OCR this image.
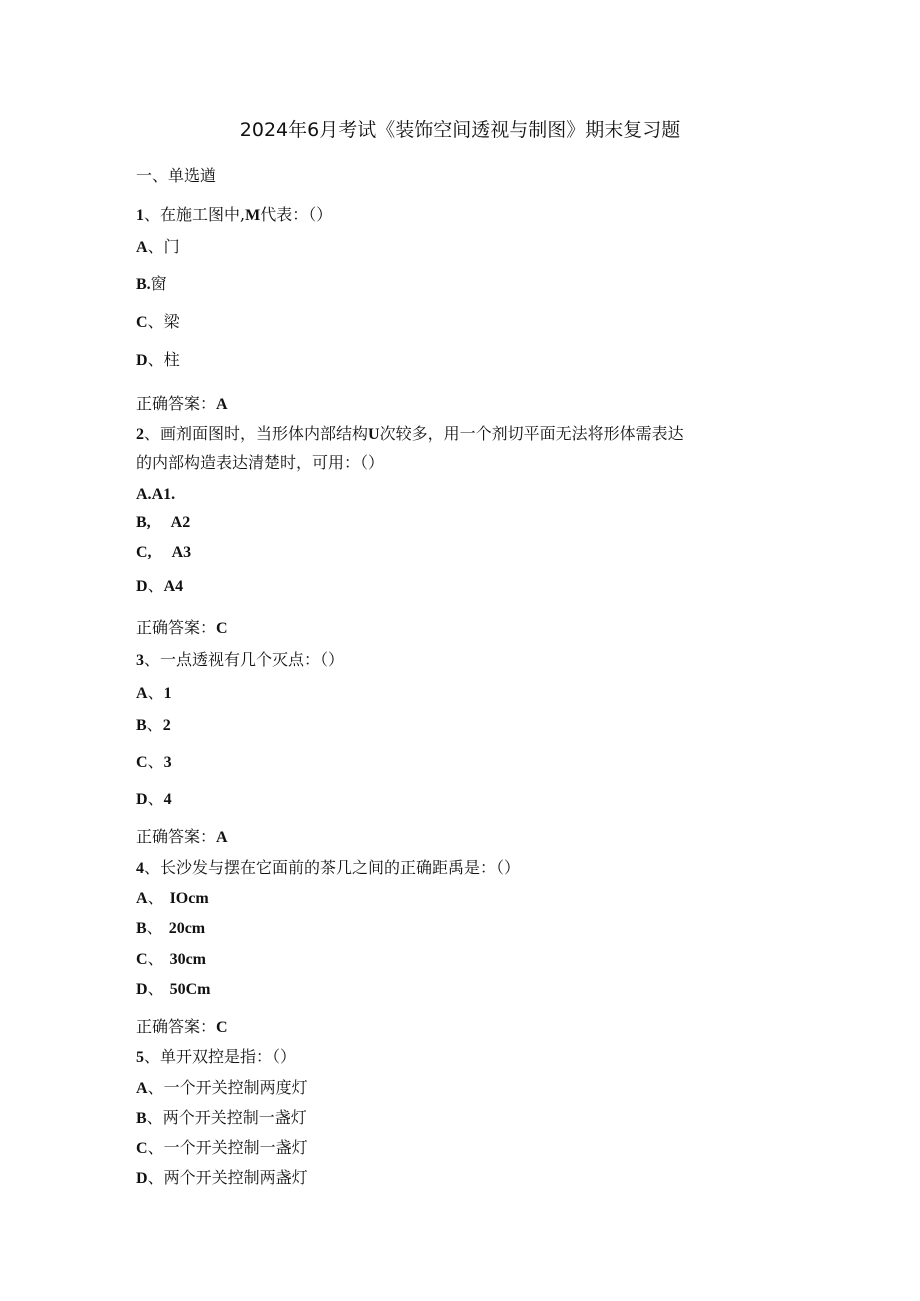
2024年6月考试《装饰空间透视与制图》期末复习题
一、单选遒
1、在施工图中,M代表：（）
A、门
B.窗
C、梁
D、柱
正确答案：A
2、画剂面图时，当形体内部结构U次较多，用一个剂切平面无法将形体需表达
的内部构造表达清楚时，可用：（）
A.A1.
B, A2
C, A3
D、A4
正确答案：C
3、一点透视有几个灭点：（）
A、1
B、2
C、3
D、4
正确答案：A
4、长沙发与摆在它面前的茶几之间的正确距禹是：（）
A、 IOcm
B、 20cm
C、 30cm
D、 50Cm
正确答案：C
5、单开双控是指：（）
A、一个开关控制两度灯
B、两个开关控制一盏灯
C、一个开关控制一盏灯
D、两个开关控制两盏灯
